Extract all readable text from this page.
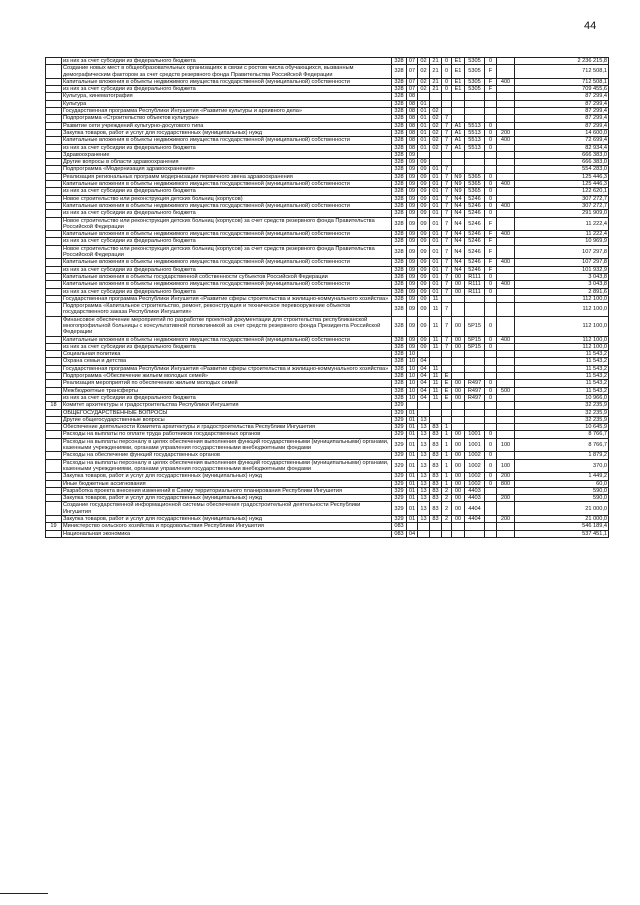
44
	из них за счет субсидии из федерального бюджета	328	07	02	21	0	E1	5305	0		2 236 215,8
	Создание новых мест в общеобразовательных организациях в связи с ростом числа обучающихся, вызванным демографическим фактором за счет средств резервного фонда Правительства Российской Федерации	328	07	02	21	0	E1	5305	F		712 508,1
	Капитальные вложения в объекты недвижимого имущества государственной (муниципальной) собственности	328	07	02	21	0	E1	5305	F	400	712 508,1
	из них за счет субсидии из федерального бюджета	328	07	02	21	0	E1	5305	F		709 455,6
	Культура, кинематография	328	08								87 299,4
	Культура	328	08	01							87 299,4
	Государственная программа Республики Ингушетия «Развитие культуры и архивного дела»	328	08	01	02						87 299,4
	Подпрограмма «Строительство объектов культуры»	328	08	01	02	7					87 299,4
	Развитие сети учреждений культурно-досугового типа	328	08	01	02	7	A1	5513	0		87 299,4
	Закупка товаров, работ и услуг для государственных (муниципальных) нужд	328	08	01	02	7	A1	5513	0	200	14 600,0
	Капитальные вложения в объекты недвижимого имущества государственной (муниципальной) собственности	328	08	01	02	7	A1	5513	0	400	72 699,4
	из них за счет субсидии из федерального бюджета	328	08	01	02	7	A1	5513	0		82 934,4
	Здравоохранение	328	09								666 383,0
	Другие вопросы в области здравоохранения	328	09	09							666 383,0
	Подпрограмма «Модернизация здравоохранения»	328	09	09	01	7					554 283,0
	Реализация региональных программ модернизации первичного звена здравоохранения	328	09	09	01	7	N9	5365	0		125 446,3
	Капитальные вложения в объекты недвижимого имущества государственной (муниципальной) собственности	328	09	09	01	7	N9	5365	0	400	125 446,3
	из них за счет субсидии из федерального бюджета	328	09	09	01	7	N9	5365	0		122 620,1
	Новое строительство или реконструкция детских больниц (корпусов)	328	09	09	01	7	N4	5246	0		307 272,7
	Капитальные вложения в объекты недвижимого имущества государственной (муниципальной) собственности	328	09	09	01	7	N4	5246	0	400	307 272,7
	из них за счет субсидии из федерального бюджета	328	09	09	01	7	N4	5246	0		291 909,0
	Новое строительство или реконструкция детских больниц (корпусов) за счет средств резервного фонда Правительства Российской Федерации	328	09	09	01	7	N4	5246	F		11 222,4
	Капитальные вложения в объекты недвижимого имущества государственной (муниципальной) собственности	328	09	09	01	7	N4	5246	F	400	11 222,4
	из них за счет субсидии из федерального бюджета	328	09	09	01	7	N4	5246	F		10 969,9
	Новое строительство или реконструкция детских больниц (корпусов) за счет средств резервного фонда Правительства Российской Федерации	328	09	09	01	7	N4	5246	F		107 297,8
	Капитальные вложения в объекты недвижимого имущества государственной (муниципальной) собственности	328	09	09	01	7	N4	5246	F	400	107 297,8
	из них за счет субсидии из федерального бюджета	328	09	09	01	7	N4	5246	F		101 932,9
	Капитальные вложения в объекты государственной собственности субъектов Российской Федерации	328	09	09	01	7	00	R111	0		3 043,8
	Капитальные вложения в объекты недвижимого имущества государственной (муниципальной) собственности	328	09	09	01	7	00	R111	0	400	3 043,8
	из них за счет субсидии из федерального бюджета	328	09	09	01	7	00	R111	0		2 891,6
	Государственная программа Республики Ингушетия «Развитие сферы строительства и жилищно-коммунального хозяйства»	328	09	09	11						112 100,0
	Подпрограмма «Капитальное строительство, ремонт, реконструкция и техническое перевооружение объектов государственного заказа Республики Ингушетия»	328	09	09	11	7					112 100,0
	Финансовое обеспечение мероприятий по разработке проектной документации для строительства республиканской многопрофильной больницы с консультативной поликлиникой за счет средств резервного фонда Президента Российской Федерации	328	09	09	11	7	00	5P15	0		112 100,0
	Капитальные вложения в объекты недвижимого имущества государственной (муниципальной) собственности	328	09	09	11	7	00	5P15	0	400	112 100,0
	из них за счет субсидии из федерального бюджета	328	09	09	11	7	00	5P15	0		112 100,0
	Социальная политика	328	10								11 543,2
	Охрана семьи и детства	328	10	04							11 543,2
	Государственная программа Республики Ингушетия «Развитие сферы строительства и жилищно-коммунального хозяйства»	328	10	04	11						11 543,2
	Подпрограмма «Обеспечение жильем молодых семей»	328	10	04	11	E					11 543,2
	Реализация мероприятий по обеспечению жильем молодых семей	328	10	04	11	E	00	R497	0		11 543,2
	Межбюджетные трансферты	328	10	04	11	E	00	R497	0	500	11 543,2
	из них за счет субсидии из федерального бюджета	328	10	04	11	E	00	R497	0		10 966,0
18	Комитет архитектуры и градостроительства Республики Ингушетия	329									32 235,9
	ОБЩЕГОСУДАРСТВЕННЫЕ ВОПРОСЫ	329	01								32 235,9
	Другие общегосударственные вопросы	329	01	13							32 235,9
	Обеспечение деятельности Комитета архитектуры и градостроительства Республики Ингушетия	329	01	13	83	1					10 645,9
	Расходы на выплаты по оплате труда работников государственных органов	329	01	13	83	1	00	1001	0		8 766,7
	Расходы на выплаты персоналу в целях обеспечения выполнения функций государственными (муниципальными) органами, казенными учреждениями, органами управления государственными внебюджетными фондами	329	01	13	83	1	00	1001	0	100	8 766,7
	Расходы на обеспечение функций государственных органов	329	01	13	83	1	00	1002	0		1 879,2
	Расходы на выплаты персоналу в целях обеспечения выполнения функций государственными (муниципальными) органами, казенными учреждениями, органами управления государственными внебюджетными фондами	329	01	13	83	1	00	1002	0	100	370,0
	Закупка товаров, работ и услуг для государственных (муниципальных) нужд	329	01	13	83	1	00	1002	0	200	1 449,2
	Иные бюджетные ассигнования	329	01	13	83	1	00	1002	0	800	60,0
	Разработка проекта внесения изменений в Схему территориального планирования Республики Ингушетия	329	01	13	83	2	00	4403			590,0
	Закупка товаров, работ и услуг для государственных (муниципальных) нужд	329	01	13	83	2	00	4403		200	590,0
	Создание государственной информационной системы обеспечения градостроительной деятельности Республики Ингушетия	329	01	13	83	2	00	4404			21 000,0
	Закупка товаров, работ и услуг для государственных (муниципальных) нужд	329	01	13	83	2	00	4404		200	21 000,0
19	Министерство сельского хозяйства и продовольствия Республики Ингушетия	083									546 189,4
	Национальная экономика	083	04								537 451,1
